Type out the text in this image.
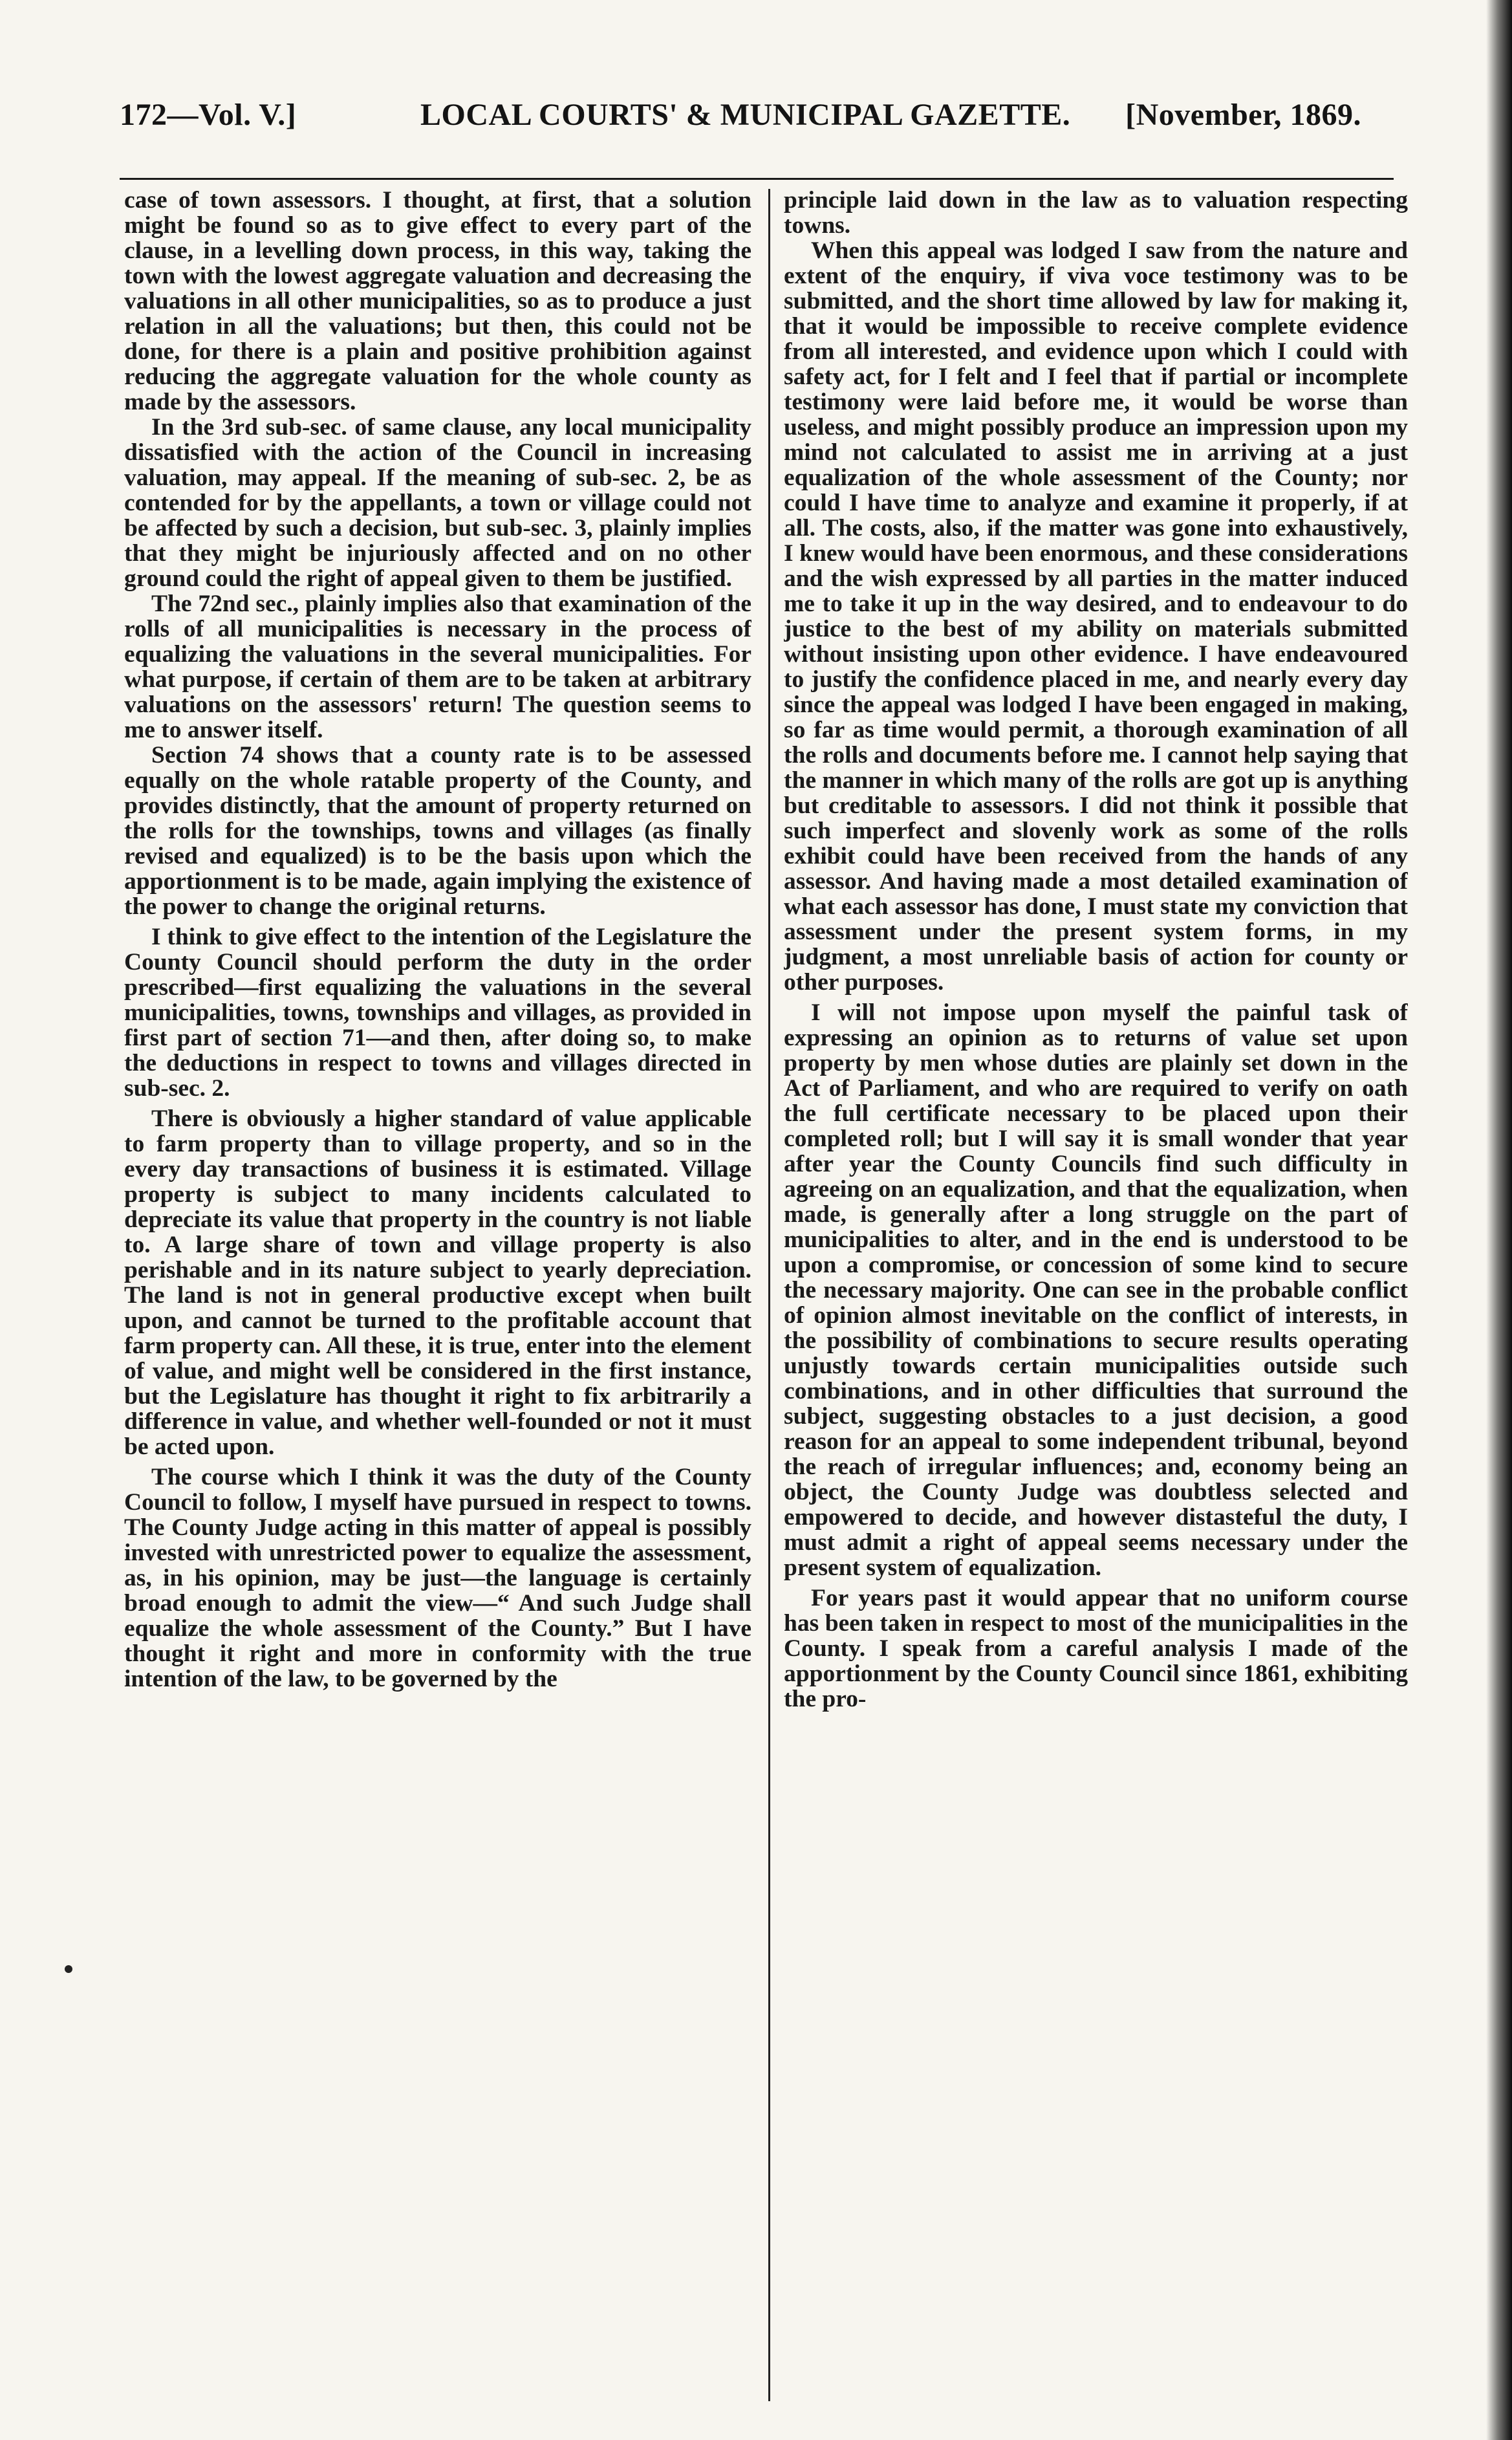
172—Vol. V.]	LOCAL COURTS' & MUNICIPAL GAZETTE. [November, 1869.

case of town assessors. I thought, at first, that a solution might be found so as to give effect to every part of the clause, in a levelling down process, in this way, taking the town with the lowest aggregate valuation and decreasing the valuations in all other municipalities, so as to produce a just relation in all the valuations; but then, this could not be done, for there is a plain and positive prohibition against reducing the aggregate valuation for the whole county as made by the assessors.

In the 3rd sub-sec. of same clause, any local municipality dissatisfied with the action of the Council in increasing valuation, may appeal. If the meaning of sub-sec. 2, be as contended for by the appellants, a town or village could not be affected by such a decision, but sub-sec. 3, plainly implies that they might be injuriously affected and on no other ground could the right of appeal given to them be justified.

The 72nd sec., plainly implies also that examination of the rolls of all municipalities is necessary in the process of equalizing the valuations in the several municipalities. For what purpose, if certain of them are to be taken at arbitrary valuations on the assessors' return! The question seems to me to answer itself.

Section 74 shows that a county rate is to be assessed equally on the whole ratable property of the County, and provides distinctly, that the amount of property returned on the rolls for the townships, towns and villages (as finally revised and equalized) is to be the basis upon which the apportionment is to be made, again implying the existence of the power to change the original returns.

I think to give effect to the intention of the Legislature the County Council should perform the duty in the order prescribed—first equalizing the valuations in the several municipalities, towns, townships and villages, as provided in first part of section 71—and then, after doing so, to make the deductions in respect to towns and villages directed in sub-sec. 2.

There is obviously a higher standard of value applicable to farm property than to village property, and so in the every day transactions of business it is estimated. Village property is subject to many incidents calculated to depreciate its value that property in the country is not liable to. A large share of town and village property is also perishable and in its nature subject to yearly depreciation. The land is not in general productive except when built upon, and cannot be turned to the profitable account that farm property can. All these, it is true, enter into the element of value, and might well be considered in the first instance, but the Legislature has thought it right to fix arbitrarily a difference in value, and whether well-founded or not it must be acted upon.

The course which I think it was the duty of the County Council to follow, I myself have pursued in respect to towns. The County Judge acting in this matter of appeal is possibly invested with unrestricted power to equalize the assessment, as, in his opinion, may be just—the language is certainly broad enough to admit the view—“ And such Judge shall equalize the whole assessment of the County.” But I have thought it right and more in conformity with the true intention of the law, to be governed by the

principle laid down in the law as to valuation respecting towns.

When this appeal was lodged I saw from the nature and extent of the enquiry, if viva voce testimony was to be submitted, and the short time allowed by law for making it, that it would be impossible to receive complete evidence from all interested, and evidence upon which I could with safety act, for I felt and I feel that if partial or incomplete testimony were laid before me, it would be worse than useless, and might possibly produce an impression upon my mind not calculated to assist me in arriving at a just equalization of the whole assessment of the County; nor could I have time to analyze and examine it properly, if at all. The costs, also, if the matter was gone into exhaustively, I knew would have been enormous, and these considerations and the wish expressed by all parties in the matter induced me to take it up in the way desired, and to endeavour to do justice to the best of my ability on materials submitted without insisting upon other evidence. I have endeavoured to justify the confidence placed in me, and nearly every day since the appeal was lodged I have been engaged in making, so far as time would permit, a thorough examination of all the rolls and documents before me. I cannot help saying that the manner in which many of the rolls are got up is anything but creditable to assessors. I did not think it possible that such imperfect and slovenly work as some of the rolls exhibit could have been received from the hands of any assessor. And having made a most detailed examination of what each assessor has done, I must state my conviction that assessment under the present system forms, in my judgment, a most unreliable basis of action for county or other purposes.

I will not impose upon myself the painful task of expressing an opinion as to returns of value set upon property by men whose duties are plainly set down in the Act of Parliament, and who are required to verify on oath the full certificate necessary to be placed upon their completed roll; but I will say it is small wonder that year after year the County Councils find such difficulty in agreeing on an equalization, and that the equalization, when made, is generally after a long struggle on the part of municipalities to alter, and in the end is understood to be upon a compromise, or concession of some kind to secure the necessary majority. One can see in the probable conflict of opinion almost inevitable on the conflict of interests, in the possibility of combinations to secure results operating unjustly towards certain municipalities outside such combinations, and in other difficulties that surround the subject, suggesting obstacles to a just decision, a good reason for an appeal to some independent tribunal, beyond the reach of irregular influences; and, economy being an object, the County Judge was doubtless selected and empowered to decide, and however distasteful the duty, I must admit a right of appeal seems necessary under the present system of equalization.

For years past it would appear that no uniform course has been taken in respect to most of the municipalities in the County. I speak from a careful analysis I made of the apportionment by the County Council since 1861, exhibiting the pro-
